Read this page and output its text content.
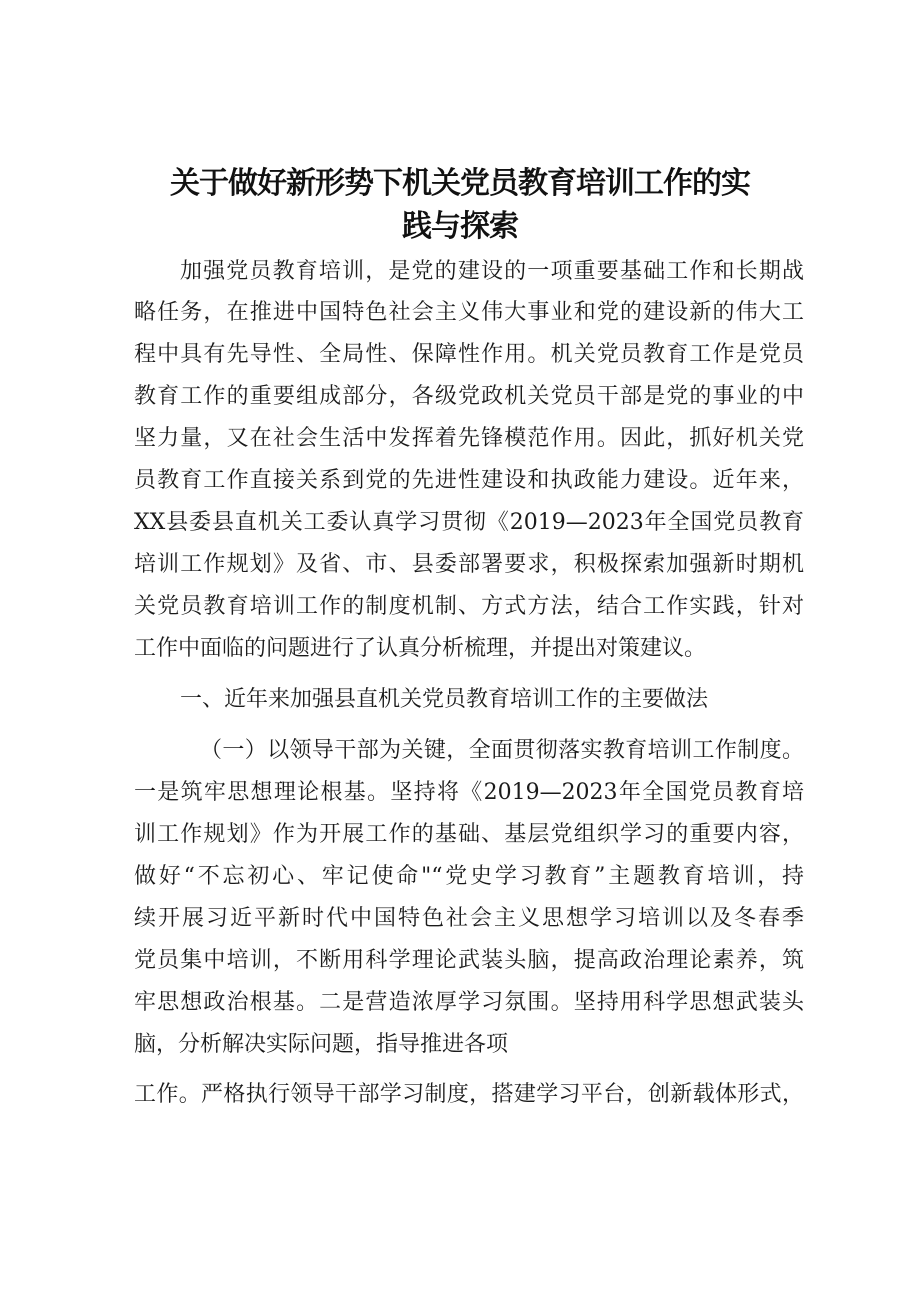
关于做好新形势下机关党员教育培训工作的实
践与探索

加强党员教育培训，是党的建设的一项重要基础工作和长期战

略任务，在推进中国特色社会主义伟大事业和党的建设新的伟大工

程中具有先导性、全局性、保障性作用。机关党员教育工作是党员

教育工作的重要组成部分，各级党政机关党员干部是党的事业的中

坚力量，又在社会生活中发挥着先锋模范作用。因此，抓好机关党

员教育工作直接关系到党的先进性建设和执政能力建设。近年来，

XX县委县直机关工委认真学习贯彻《2019—2023年全国党员教育

培训工作规划》及省、市、县委部署要求，积极探索加强新时期机

关党员教育培训工作的制度机制、方式方法，结合工作实践，针对

工作中面临的问题进行了认真分析梳理，并提出对策建议。

一、近年来加强县直机关党员教育培训工作的主要做法

（一）以领导干部为关键，全面贯彻落实教育培训工作制度。

一是筑牢思想理论根基。坚持将《2019—2023年全国党员教育培

训工作规划》作为开展工作的基础、基层党组织学习的重要内容，

做好“不忘初心、牢记使命"“党史学习教育”主题教育培训，持

续开展习近平新时代中国特色社会主义思想学习培训以及冬春季

党员集中培训，不断用科学理论武装头脑，提高政治理论素养，筑

牢思想政治根基。二是营造浓厚学习氛围。坚持用科学思想武装头

脑，分析解决实际问题，指导推进各项

工作。严格执行领导干部学习制度，搭建学习平台，创新载体形式，
